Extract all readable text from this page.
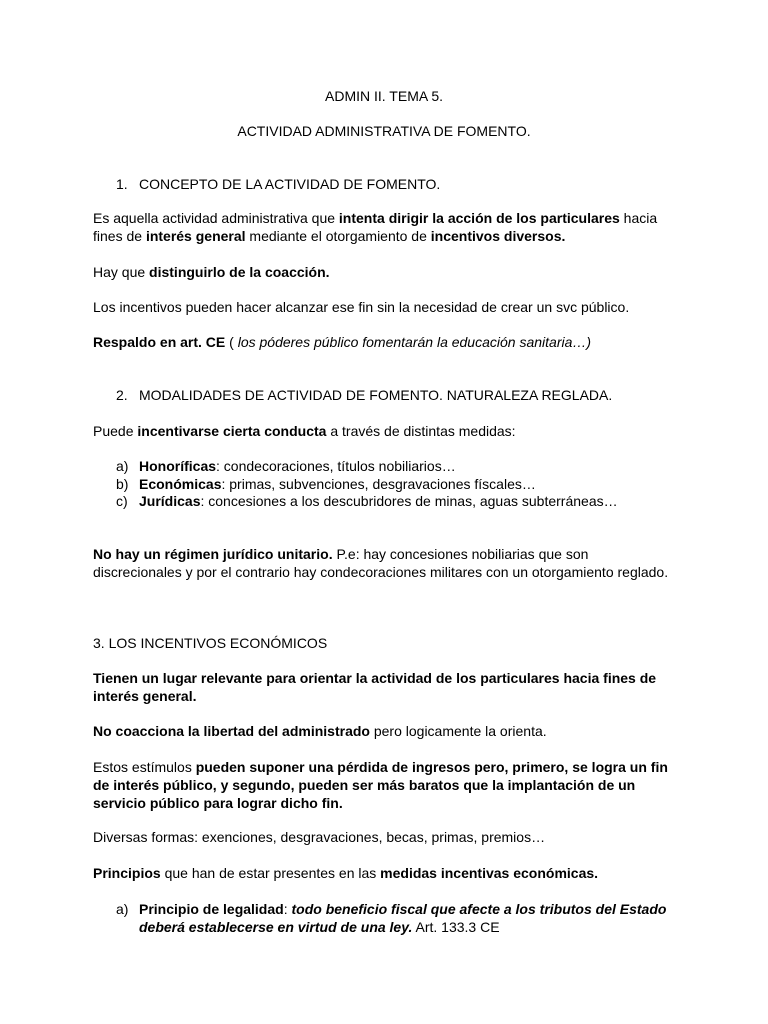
ADMIN II. TEMA 5.

ACTIVIDAD ADMINISTRATIVA DE FOMENTO.

1. CONCEPTO DE LA ACTIVIDAD DE FOMENTO.

Es aquella actividad administrativa que intenta dirigir la acción de los particulares hacia fines de interés general mediante el otorgamiento de incentivos diversos.

Hay que distinguirlo de la coacción.

Los incentivos pueden hacer alcanzar ese fin sin la necesidad de crear un svc público.

Respaldo en art. CE ( los póderes público fomentarán la educación sanitaria…)

2. MODALIDADES DE ACTIVIDAD DE FOMENTO. NATURALEZA REGLADA.

Puede incentivarse cierta conducta a través de distintas medidas:

a) Honoríficas: condecoraciones, títulos nobiliarios…
b) Económicas: primas, subvenciones, desgravaciones físcales…
c) Jurídicas: concesiones a los descubridores de minas, aguas subterráneas…

No hay un régimen jurídico unitario. P.e: hay concesiones nobiliarias que son discrecionales y por el contrario hay condecoraciones militares con un otorgamiento reglado.

3. LOS INCENTIVOS ECONÓMICOS

Tienen un lugar relevante para orientar la actividad de los particulares hacia fines de interés general.

No coacciona la libertad del administrado pero logicamente la orienta.

Estos estímulos pueden suponer una pérdida de ingresos pero, primero, se logra un fin de interés público, y segundo, pueden ser más baratos que la implantación de un servicio público para lograr dicho fin.

Diversas formas: exenciones, desgravaciones, becas, primas, premios…

Principios que han de estar presentes en las medidas incentivas económicas.

a) Principio de legalidad: todo beneficio fiscal que afecte a los tributos del Estado deberá establecerse en virtud de una ley. Art. 133.3 CE
